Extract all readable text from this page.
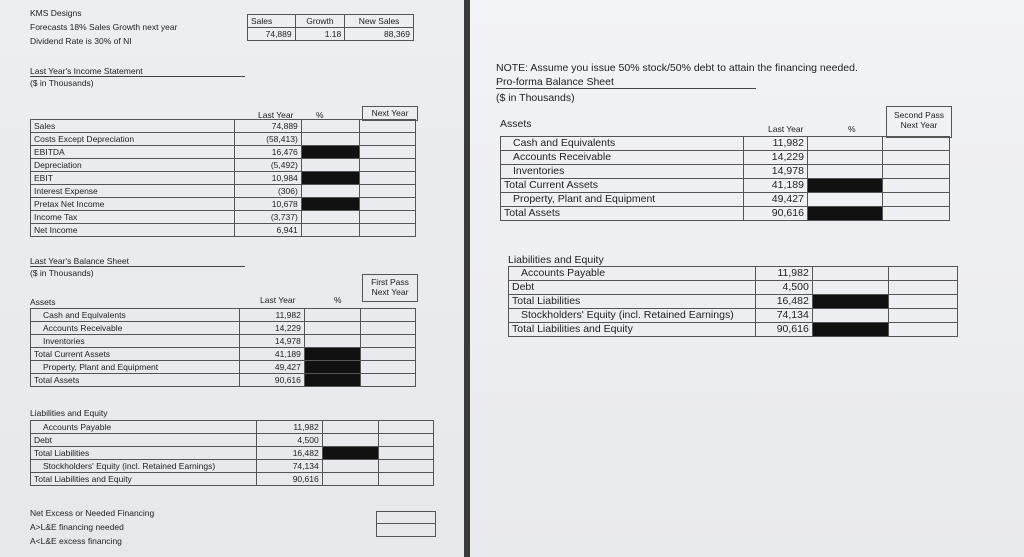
KMS Designs
Forecasts 18% Sales Growth next year
Dividend Rate is 30% of NI
Sales	Growth	New Sales
74,889	1.18	88,369
Last Year's Income Statement
($ in Thousands)
Last Year	%	Next Year
Sales	74,889		
Costs Except Depreciation	(58,413)		
EBITDA	16,476		
Depreciation	(5,492)		
EBIT	10,984		
Interest Expense	(306)		
Pretax Net Income	10,678		
Income Tax	(3,737)		
Net Income	6,941		
Last Year's Balance Sheet
($ in Thousands)
First Pass
Next Year
Assets	Last Year	%
Cash and Equivalents	11,982		
Accounts Receivable	14,229		
Inventories	14,978		
Total Current Assets	41,189		
Property, Plant and Equipment	49,427		
Total Assets	90,616		
Liabilities and Equity
Accounts Payable	11,982		
Debt	4,500		
Total Liabilities	16,482		
Stockholders' Equity (incl. Retained Earnings)	74,134		
Total Liabilities and Equity	90,616		
Net Excess or Needed Financing
A>L&E financing needed
A<L&E excess financing
NOTE: Assume you issue 50% stock/50% debt to attain the financing needed.
Pro-forma Balance Sheet
($ in Thousands)
Second Pass
Next Year
Assets	Last Year	%
Cash and Equivalents	11,982		
Accounts Receivable	14,229		
Inventories	14,978		
Total Current Assets	41,189		
Property, Plant and Equipment	49,427		
Total Assets	90,616		
Liabilities and Equity
Accounts Payable	11,982		
Debt	4,500		
Total Liabilities	16,482		
Stockholders' Equity (incl. Retained Earnings)	74,134		
Total Liabilities and Equity	90,616		
